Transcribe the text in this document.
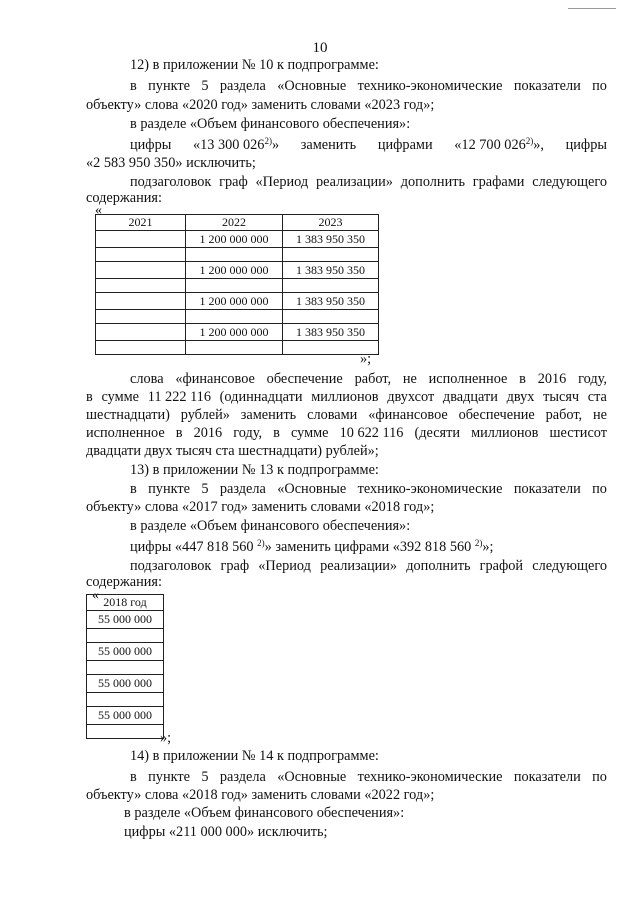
10
12) в приложении № 10 к подпрограмме:
в пункте 5 раздела «Основные технико-экономические показатели по
объекту» слова «2020 год» заменить словами «2023 год»;
в разделе «Объем финансового обеспечения»:
цифры «13 300 0262)» заменить цифрами «12 700 0262)», цифры
«2 583 950 350» исключить;
подзаголовок граф «Период реализации» дополнить графами следующего
содержания:
«
2021	2022	2023
	1 200 000 000	1 383 950 350

	1 200 000 000	1 383 950 350

	1 200 000 000	1 383 950 350

	1 200 000 000	1 383 950 350

»;
слова «финансовое обеспечение работ, не исполненное в 2016 году,
в сумме 11 222 116 (одиннадцати миллионов двухсот двадцати двух тысяч ста
шестнадцати) рублей» заменить словами «финансовое обеспечение работ, не
исполненное в 2016 году, в сумме 10 622 116 (десяти миллионов шестисот
двадцати двух тысяч ста шестнадцати) рублей»;
13) в приложении № 13 к подпрограмме:
в пункте 5 раздела «Основные технико-экономические показатели по
объекту» слова «2017 год» заменить словами «2018 год»;
в разделе «Объем финансового обеспечения»:
цифры «447 818 560 $^{2)}$» заменить цифрами «392 818 560 $^{2)}$»;
подзаголовок граф «Период реализации» дополнить графой следующего
содержания:
« 2018 год
55 000 000

55 000 000

55 000 000

55 000 000

»;
14) в приложении № 14 к подпрограмме:
в пункте 5 раздела «Основные технико-экономические показатели по
объекту» слова «2018 год» заменить словами «2022 год»;
в разделе «Объем финансового обеспечения»:
цифры «211 000 000» исключить;
